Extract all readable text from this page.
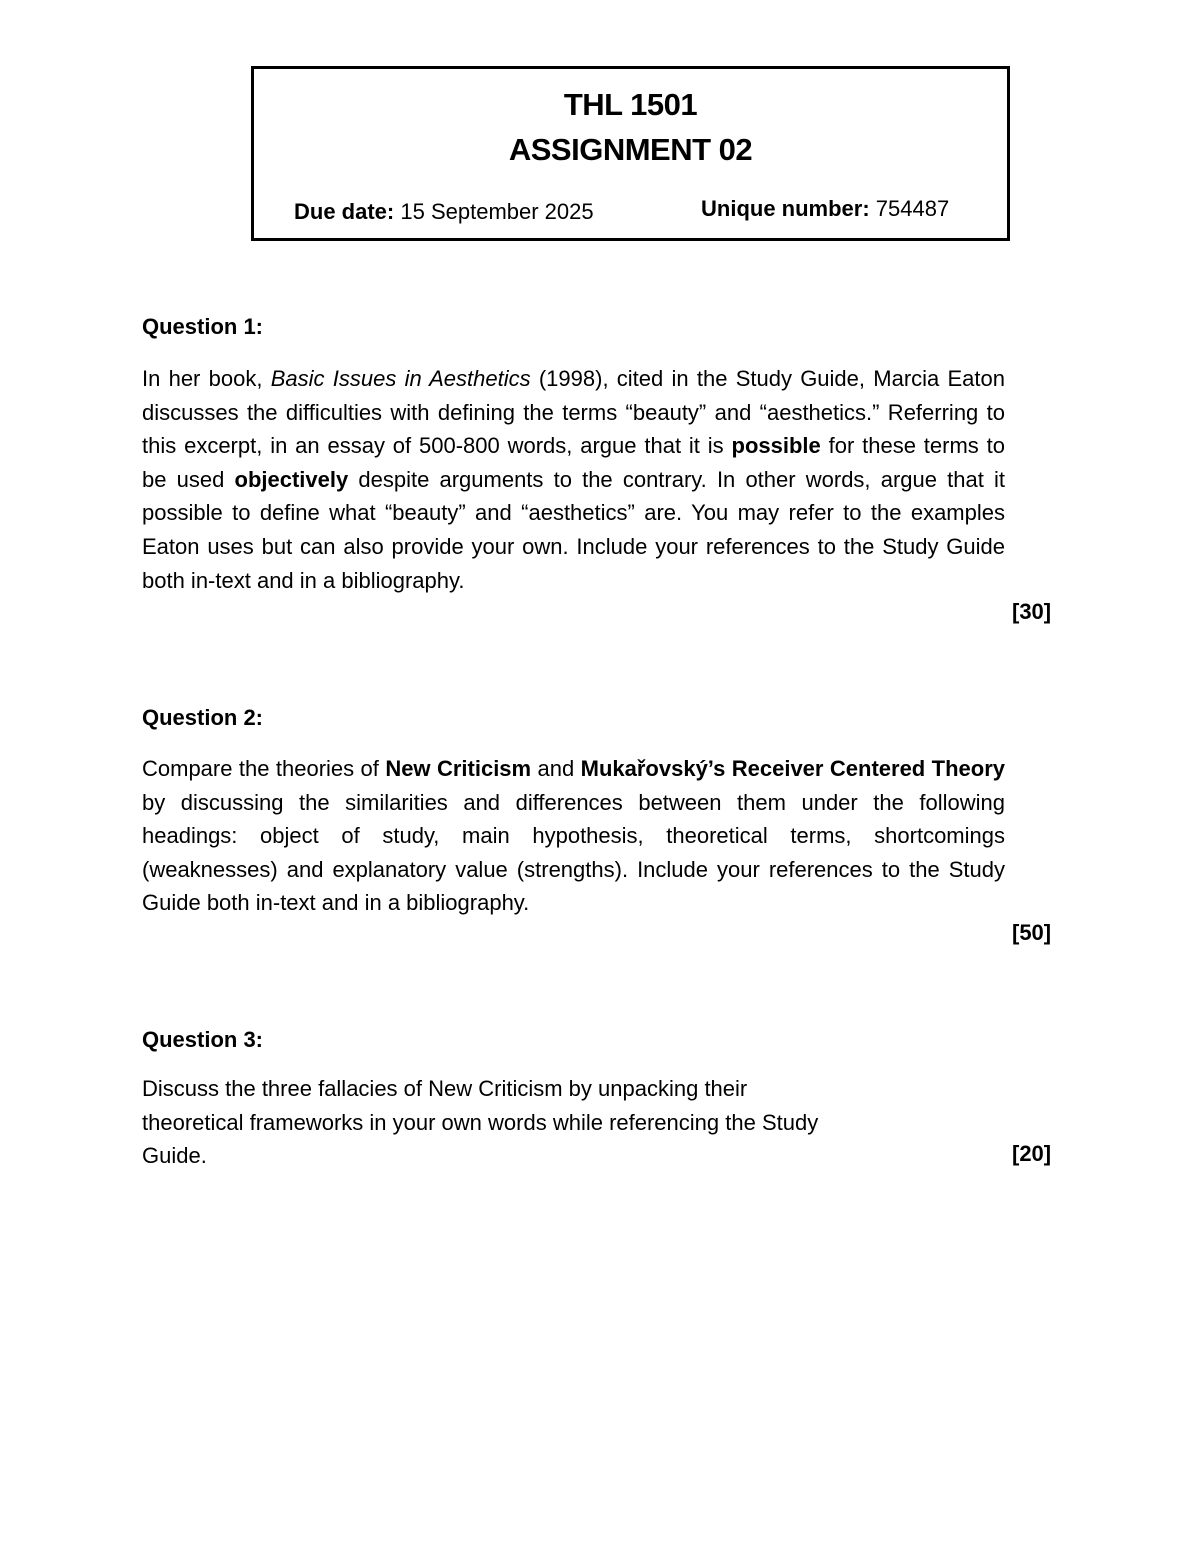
THL 1501
ASSIGNMENT 02
Due date: 15 September 2025	Unique number: 754487
Question 1:

In her book, Basic Issues in Aesthetics (1998), cited in the Study Guide, Marcia Eaton discusses the difficulties with defining the terms “beauty” and “aesthetics.” Referring to this excerpt, in an essay of 500-800 words, argue that it is possible for these terms to be used objectively despite arguments to the contrary. In other words, argue that it possible to define what “beauty” and “aesthetics” are. You may refer to the examples Eaton uses but can also provide your own. Include your references to the Study Guide both in-text and in a bibliography.

[30]
Question 2:

Compare the theories of New Criticism and Mukařovský’s Receiver Centered Theory by discussing the similarities and differences between them under the following headings: object of study, main hypothesis, theoretical terms, shortcomings (weaknesses) and explanatory value (strengths). Include your references to the Study Guide both in-text and in a bibliography.

[50]
Question 3:

Discuss the three fallacies of New Criticism by unpacking their

theoretical frameworks in your own words while referencing the Study

Guide.	[20]
